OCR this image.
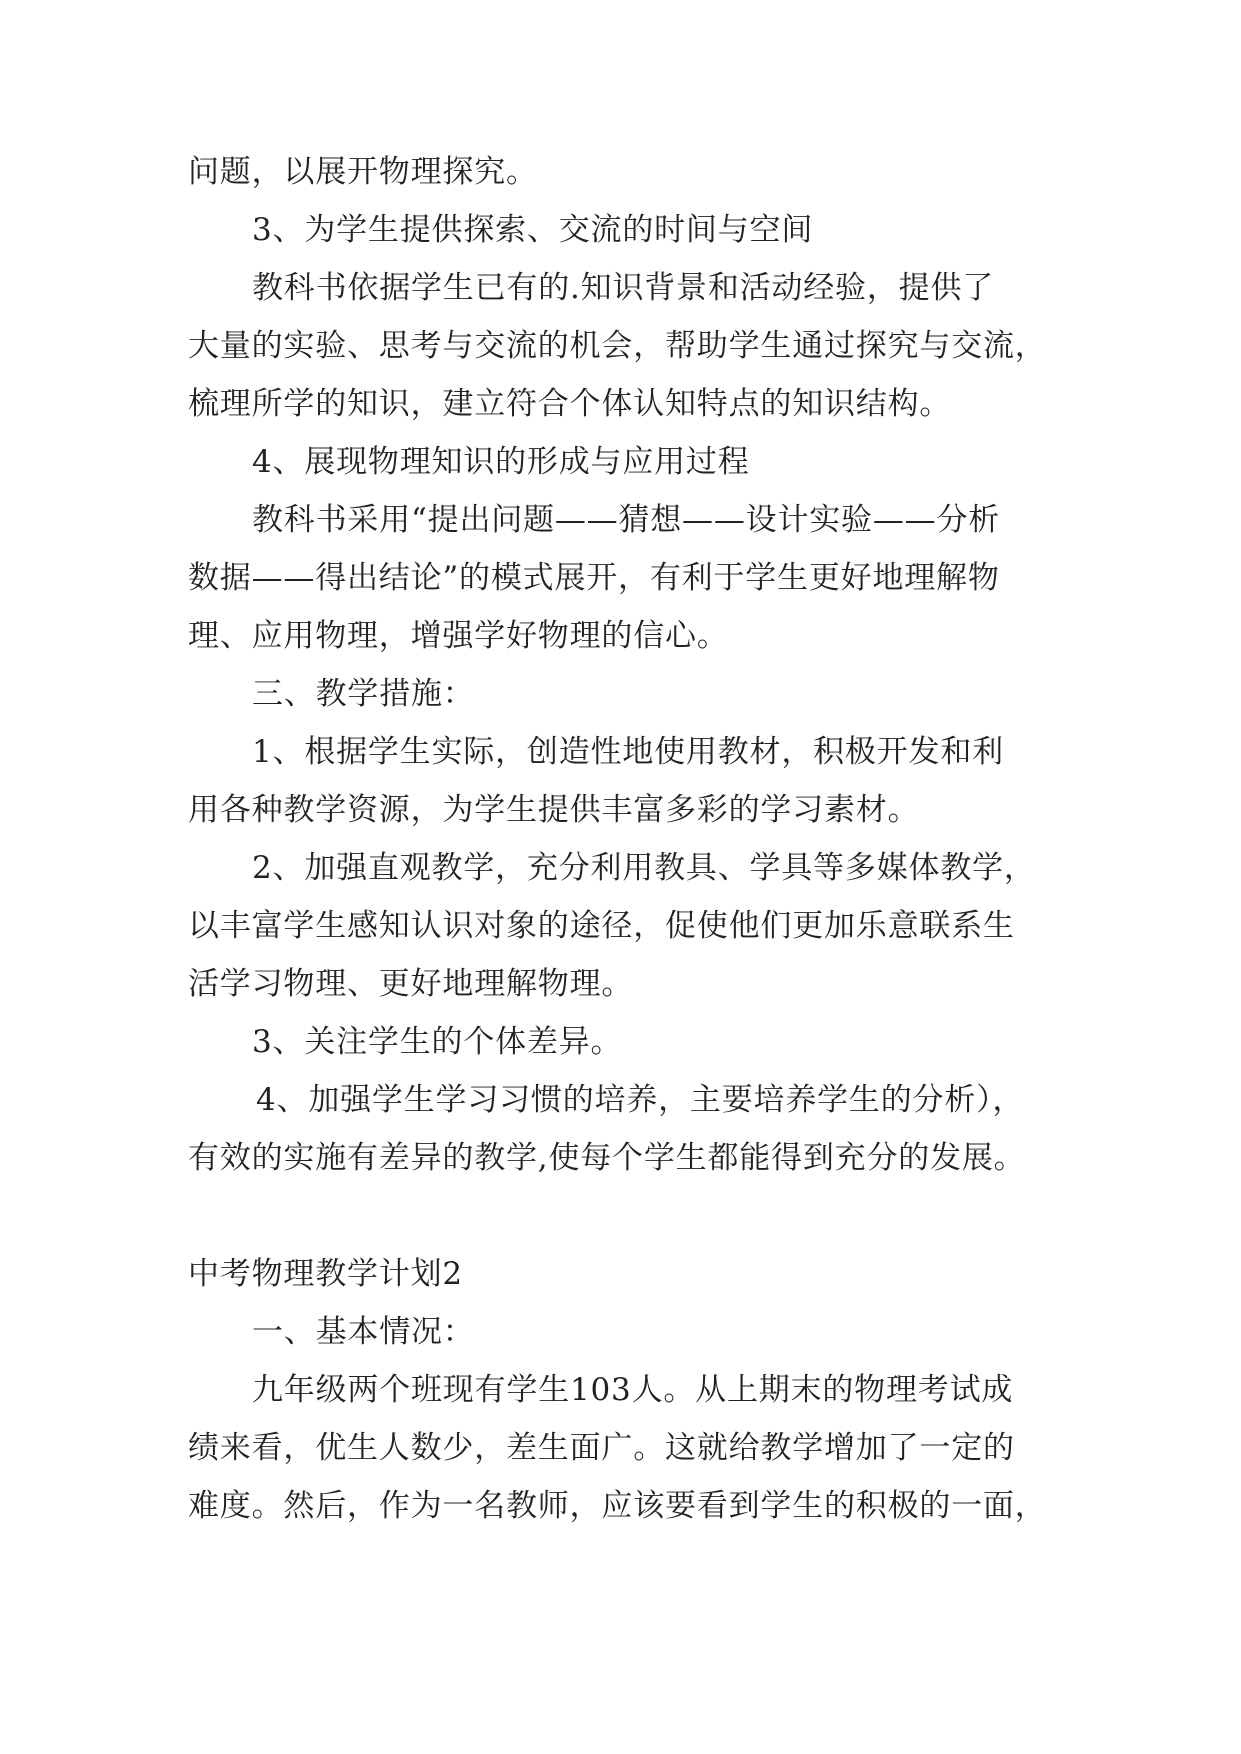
问题，以展开物理探究。
3、为学生提供探索、交流的时间与空间
教科书依据学生已有的.知识背景和活动经验，提供了
大量的实验、思考与交流的机会，帮助学生通过探究与交流，
梳理所学的知识，建立符合个体认知特点的知识结构。
4、展现物理知识的形成与应用过程
教科书采用“提出问题——猜想——设计实验——分析
数据——得出结论”的模式展开，有利于学生更好地理解物
理、应用物理，增强学好物理的信心。
三、教学措施：
1、根据学生实际，创造性地使用教材，积极开发和利
用各种教学资源，为学生提供丰富多彩的学习素材。
2、加强直观教学，充分利用教具、学具等多媒体教学，
以丰富学生感知认识对象的途径，促使他们更加乐意联系生
活学习物理、更好地理解物理。
3、关注学生的个体差异。
4、加强学生学习习惯的培养，主要培养学生的分析），
有效的实施有差异的教学,使每个学生都能得到充分的发展。
中考物理教学计划2
一、基本情况：
九年级两个班现有学生103人。从上期末的物理考试成
绩来看，优生人数少，差生面广。这就给教学增加了一定的
难度。然后，作为一名教师，应该要看到学生的积极的一面，
